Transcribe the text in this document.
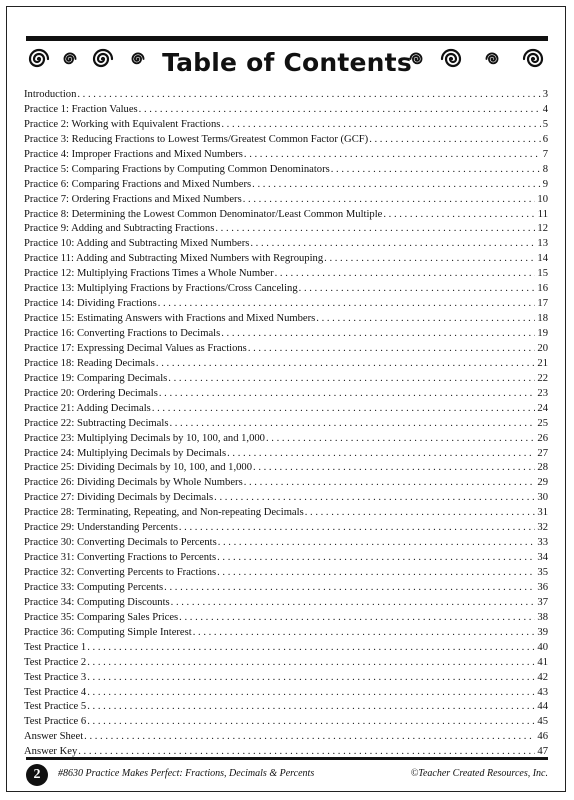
Table of Contents
Introduction . . .	3
Practice 1: Fraction Values . . .	4
Practice 2: Working with Equivalent Fractions . . .	5
Practice 3: Reducing Fractions to Lowest Terms/Greatest Common Factor (GCF) . . .	6
Practice 4: Improper Fractions and Mixed Numbers . . .	7
Practice 5: Comparing Fractions by Computing Common Denominators . . .	8
Practice 6: Comparing Fractions and Mixed Numbers . . .	9
Practice 7: Ordering Fractions and Mixed Numbers . . .	10
Practice 8: Determining the Lowest Common Denominator/Least Common Multiple . . .	11
Practice 9: Adding and Subtracting Fractions . . .	12
Practice 10: Adding and Subtracting Mixed Numbers . . .	13
Practice 11: Adding and Subtracting Mixed Numbers with Regrouping . . .	14
Practice 12: Multiplying Fractions Times a Whole Number . . .	15
Practice 13: Multiplying Fractions by Fractions/Cross Canceling . . .	16
Practice 14: Dividing Fractions . . .	17
Practice 15: Estimating Answers with Fractions and Mixed Numbers . . .	18
Practice 16: Converting Fractions to Decimals . . .	19
Practice 17: Expressing Decimal Values as Fractions . . .	20
Practice 18: Reading Decimals . . .	21
Practice 19: Comparing Decimals . . .	22
Practice 20: Ordering Decimals . . .	23
Practice 21: Adding Decimals . . .	24
Practice 22: Subtracting Decimals . . .	25
Practice 23: Multiplying Decimals by 10, 100, and 1,000 . . .	26
Practice 24: Multiplying Decimals by Decimals . . .	27
Practice 25: Dividing Decimals by 10, 100, and 1,000 . . .	28
Practice 26: Dividing Decimals by Whole Numbers . . .	29
Practice 27: Dividing Decimals by Decimals . . .	30
Practice 28: Terminating, Repeating, and Non-repeating Decimals . . .	31
Practice 29: Understanding Percents . . .	32
Practice 30: Converting Decimals to Percents . . .	33
Practice 31: Converting Fractions to Percents . . .	34
Practice 32: Converting Percents to Fractions . . .	35
Practice 33: Computing Percents . . .	36
Practice 34: Computing Discounts . . .	37
Practice 35: Comparing Sales Prices . . .	38
Practice 36: Computing Simple Interest . . .	39
Test Practice 1 . . .	40
Test Practice 2 . . .	41
Test Practice 3 . . .	42
Test Practice 4 . . .	43
Test Practice 5 . . .	44
Test Practice 6 . . .	45
Answer Sheet . . .	46
Answer Key . . .	47
2	#8630 Practice Makes Perfect: Fractions, Decimals & Percents	©Teacher Created Resources, Inc.
